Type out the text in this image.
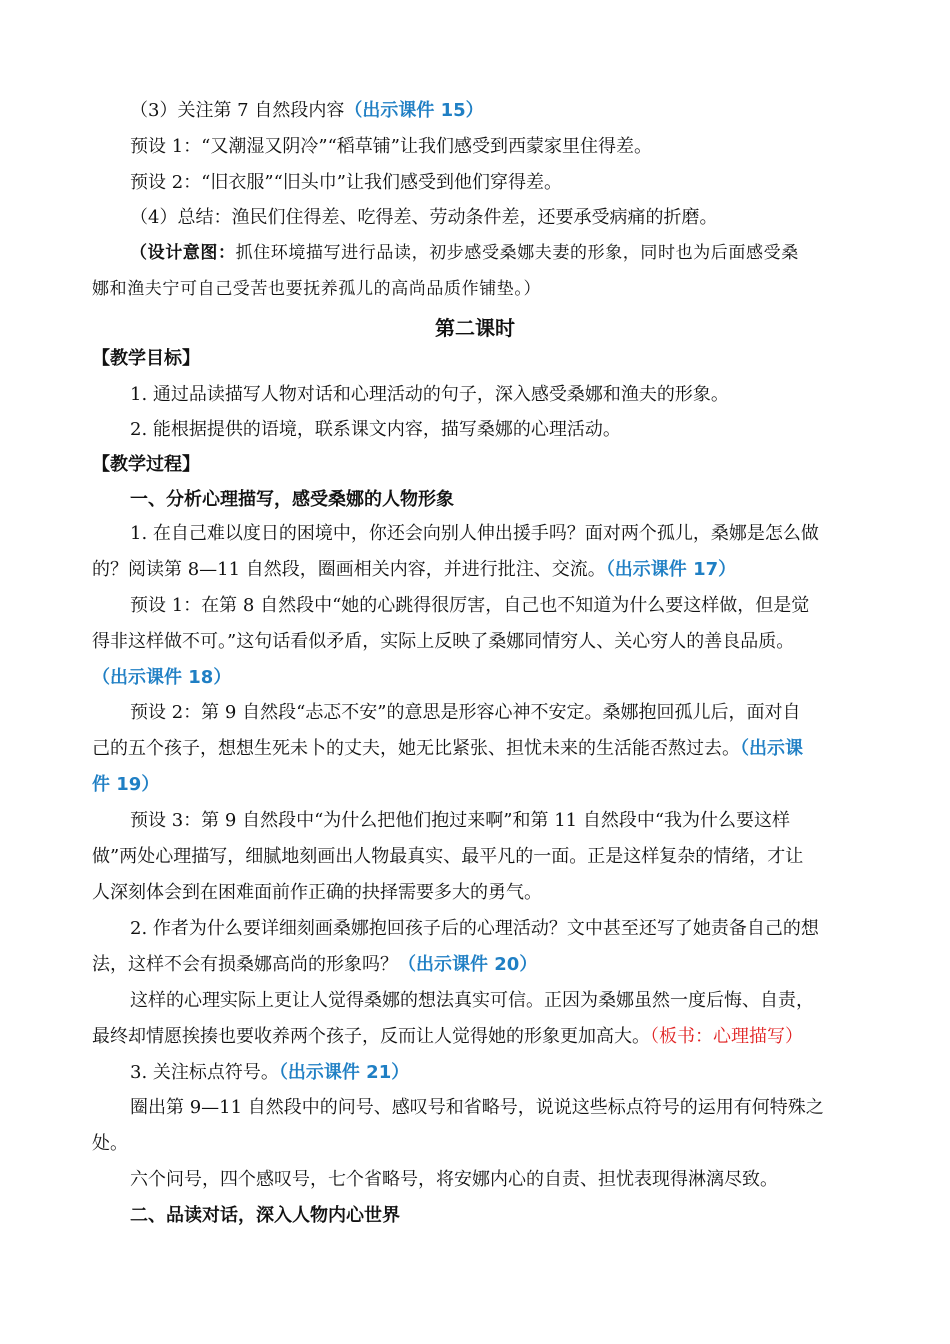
（3）关注第 7 自然段内容（出示课件 15）
预设 1：“又潮湿又阴冷”“稻草铺”让我们感受到西蒙家里住得差。
预设 2：“旧衣服”“旧头巾”让我们感受到他们穿得差。
（4）总结：渔民们住得差、吃得差、劳动条件差，还要承受病痛的折磨。
（设计意图：抓住环境描写进行品读，初步感受桑娜夫妻的形象，同时也为后面感受桑
娜和渔夫宁可自己受苦也要抚养孤儿的高尚品质作铺垫。）
第二课时
【教学目标】
1. 通过品读描写人物对话和心理活动的句子，深入感受桑娜和渔夫的形象。
2. 能根据提供的语境，联系课文内容，描写桑娜的心理活动。
【教学过程】
一、分析心理描写，感受桑娜的人物形象
1. 在自己难以度日的困境中，你还会向别人伸出援手吗？面对两个孤儿，桑娜是怎么做
的？阅读第 8—11 自然段，圈画相关内容，并进行批注、交流。（出示课件 17）
预设 1：在第 8 自然段中“她的心跳得很厉害，自己也不知道为什么要这样做，但是觉
得非这样做不可。”这句话看似矛盾，实际上反映了桑娜同情穷人、关心穷人的善良品质。
（出示课件 18）
预设 2：第 9 自然段“忐忑不安”的意思是形容心神不安定。桑娜抱回孤儿后，面对自
己的五个孩子，想想生死未卜的丈夫，她无比紧张、担忧未来的生活能否熬过去。（出示课
件 19）
预设 3：第 9 自然段中“为什么把他们抱过来啊”和第 11 自然段中“我为什么要这样
做”两处心理描写，细腻地刻画出人物最真实、最平凡的一面。正是这样复杂的情绪，才让
人深刻体会到在困难面前作正确的抉择需要多大的勇气。
2. 作者为什么要详细刻画桑娜抱回孩子后的心理活动？文中甚至还写了她责备自己的想
法，这样不会有损桑娜高尚的形象吗？（出示课件 20）
这样的心理实际上更让人觉得桑娜的想法真实可信。正因为桑娜虽然一度后悔、自责，
最终却情愿挨揍也要收养两个孩子，反而让人觉得她的形象更加高大。（板书：心理描写）
3. 关注标点符号。（出示课件 21）
圈出第 9—11 自然段中的问号、感叹号和省略号，说说这些标点符号的运用有何特殊之
处。
六个问号，四个感叹号，七个省略号，将安娜内心的自责、担忧表现得淋漓尽致。
二、品读对话，深入人物内心世界
